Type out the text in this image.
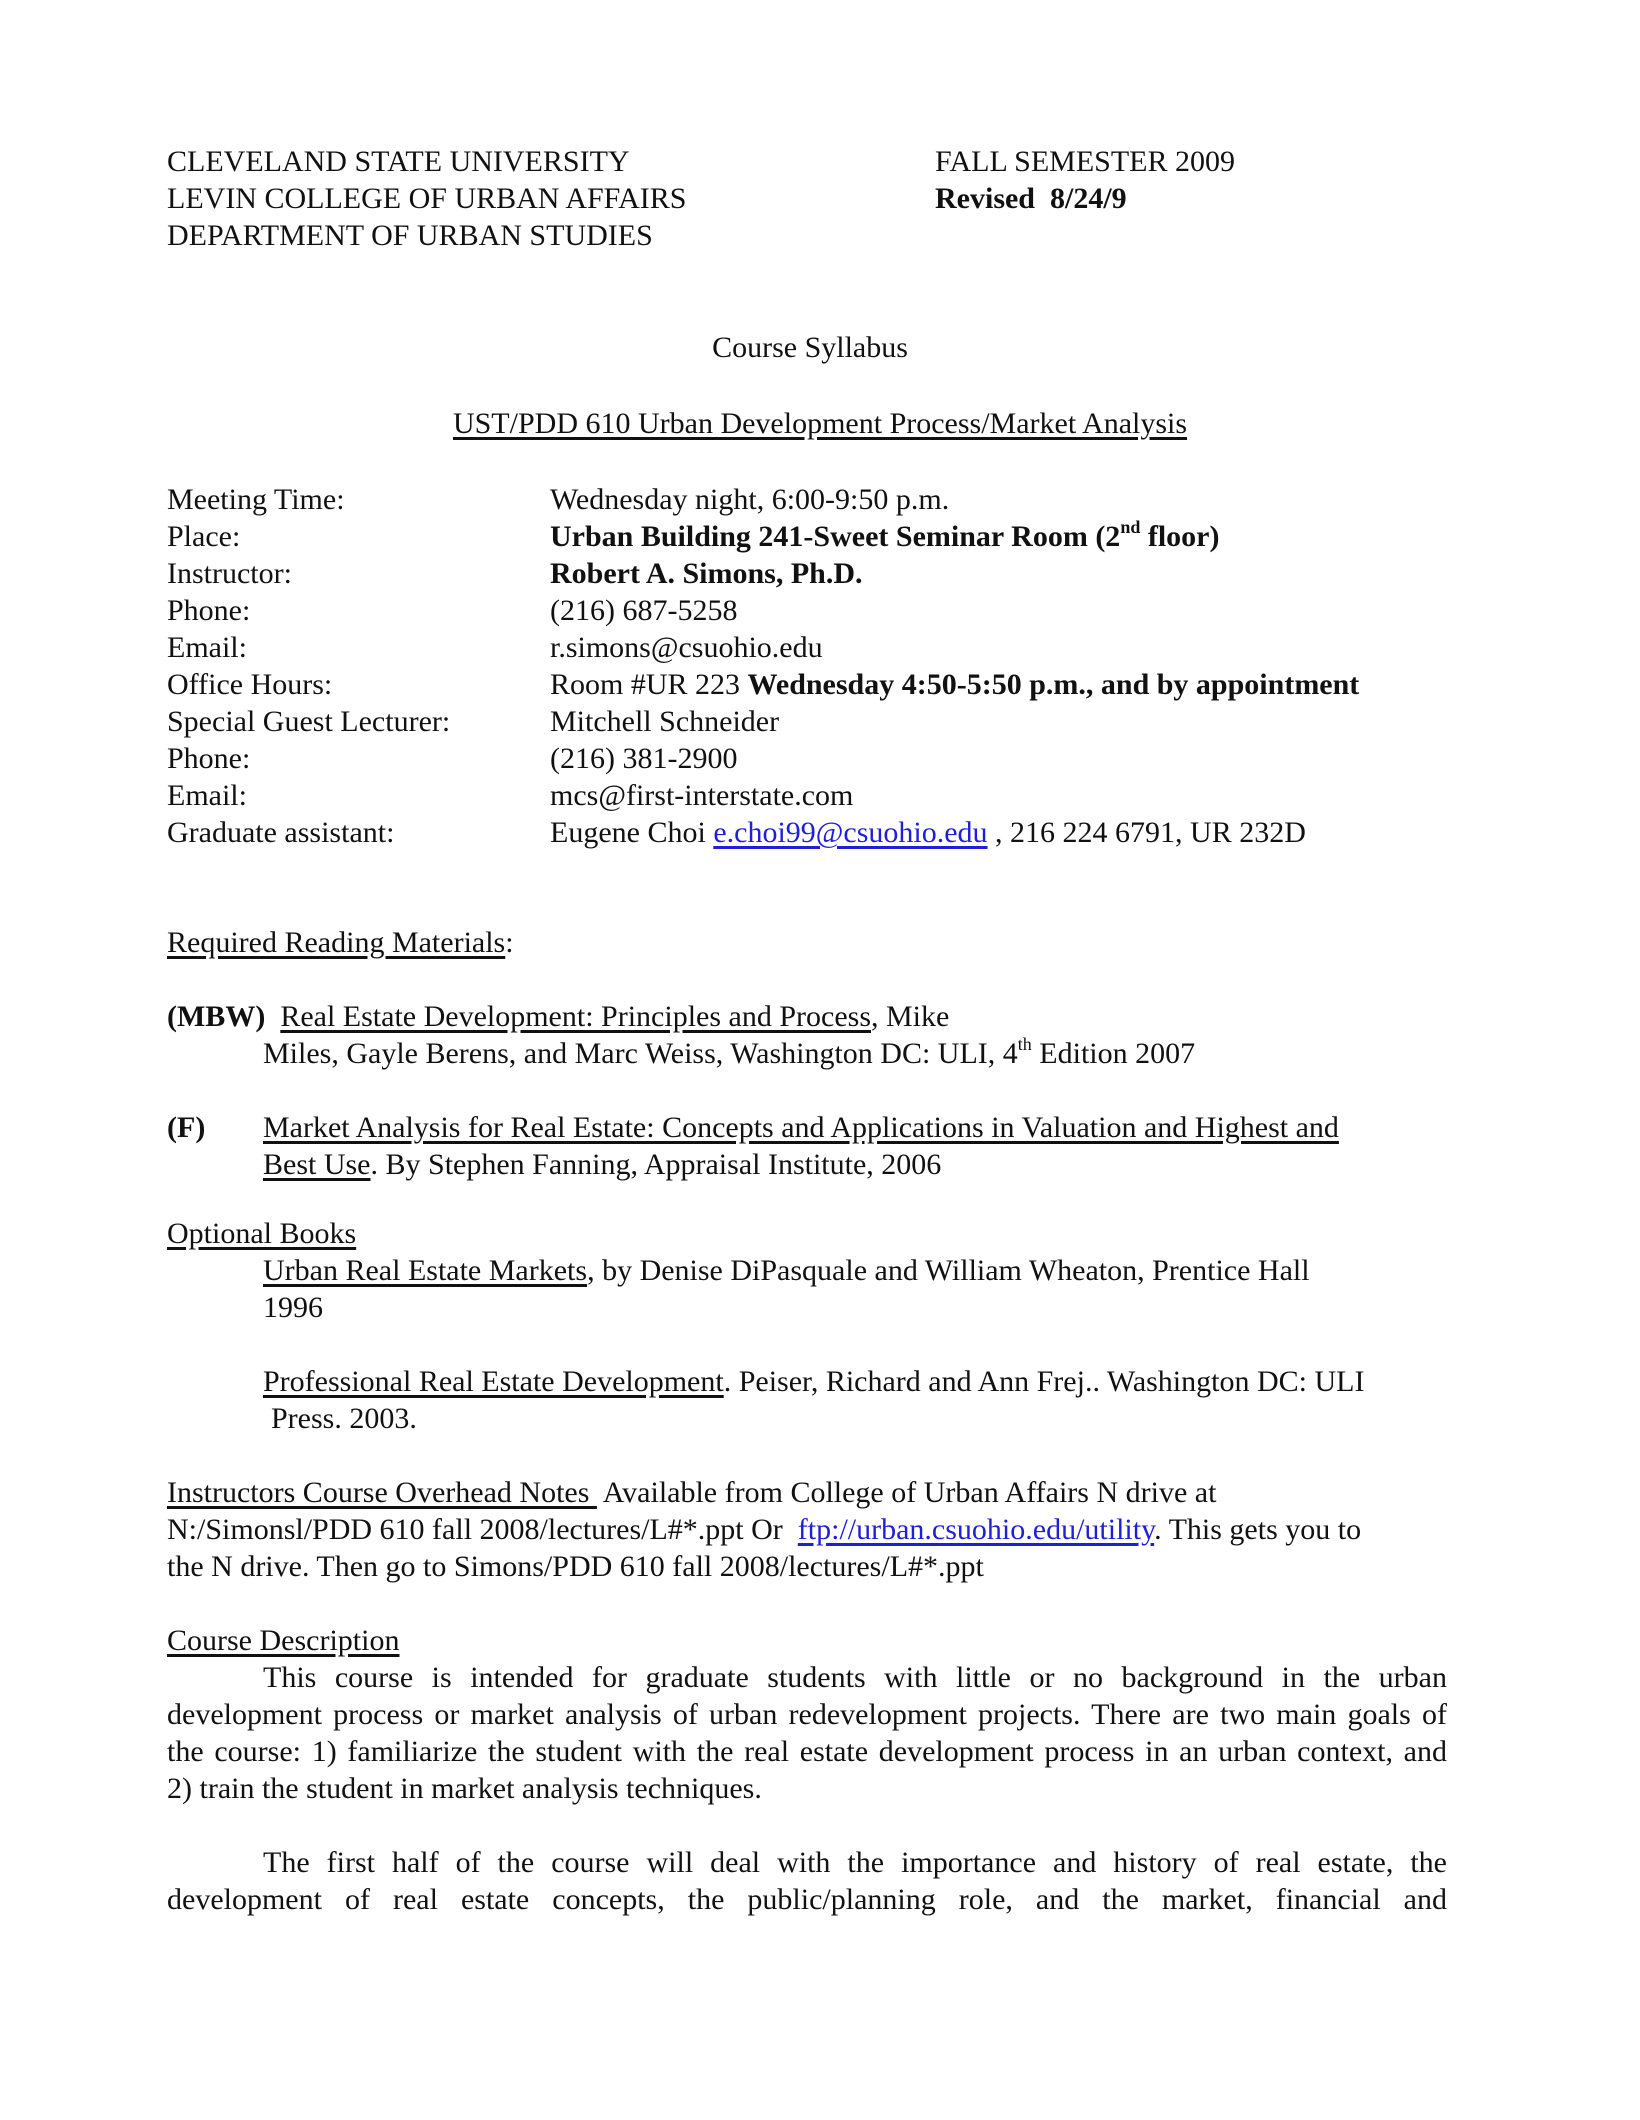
CLEVELAND STATE UNIVERSITY
LEVIN COLLEGE OF URBAN AFFAIRS
DEPARTMENT OF URBAN STUDIES
FALL SEMESTER 2009
Revised  8/24/9
Course Syllabus
UST/PDD 610 Urban Development Process/Market Analysis
Meeting Time:	Wednesday night, 6:00-9:50 p.m.
Place:	Urban Building 241-Sweet Seminar Room (2nd floor)
Instructor:	Robert A. Simons, Ph.D.
Phone:	(216) 687-5258
Email:	r.simons@csuohio.edu
Office Hours:	Room #UR 223 Wednesday 4:50-5:50 p.m., and by appointment
Special Guest Lecturer:	Mitchell Schneider
Phone:	(216) 381-2900
Email:	mcs@first-interstate.com
Graduate assistant:	Eugene Choi e.choi99@csuohio.edu , 216 224 6791, UR 232D
Required Reading Materials:
(MBW) Real Estate Development: Principles and Process, Mike
Miles, Gayle Berens, and Marc Weiss, Washington DC: ULI, 4th Edition 2007
(F) Market Analysis for Real Estate: Concepts and Applications in Valuation and Highest and
Best Use. By Stephen Fanning, Appraisal Institute, 2006
Optional Books
Urban Real Estate Markets, by Denise DiPasquale and William Wheaton, Prentice Hall
1996
Professional Real Estate Development. Peiser, Richard and Ann Frej.. Washington DC: ULI
Press. 2003.
Instructors Course Overhead Notes  Available from College of Urban Affairs N drive at
N:/Simonsl/PDD 610 fall 2008/lectures/L#*.ppt Or  ftp://urban.csuohio.edu/utility. This gets you to
the N drive. Then go to Simons/PDD 610 fall 2008/lectures/L#*.ppt
Course Description

This course is intended for graduate students with little or no background in the urban

development process or market analysis of urban redevelopment projects. There are two main goals of

the course: 1) familiarize the student with the real estate development process in an urban context, and

2) train the student in market analysis techniques.

The first half of the course will deal with the importance and history of real estate, the

development of real estate concepts, the public/planning role, and the market, financial and
